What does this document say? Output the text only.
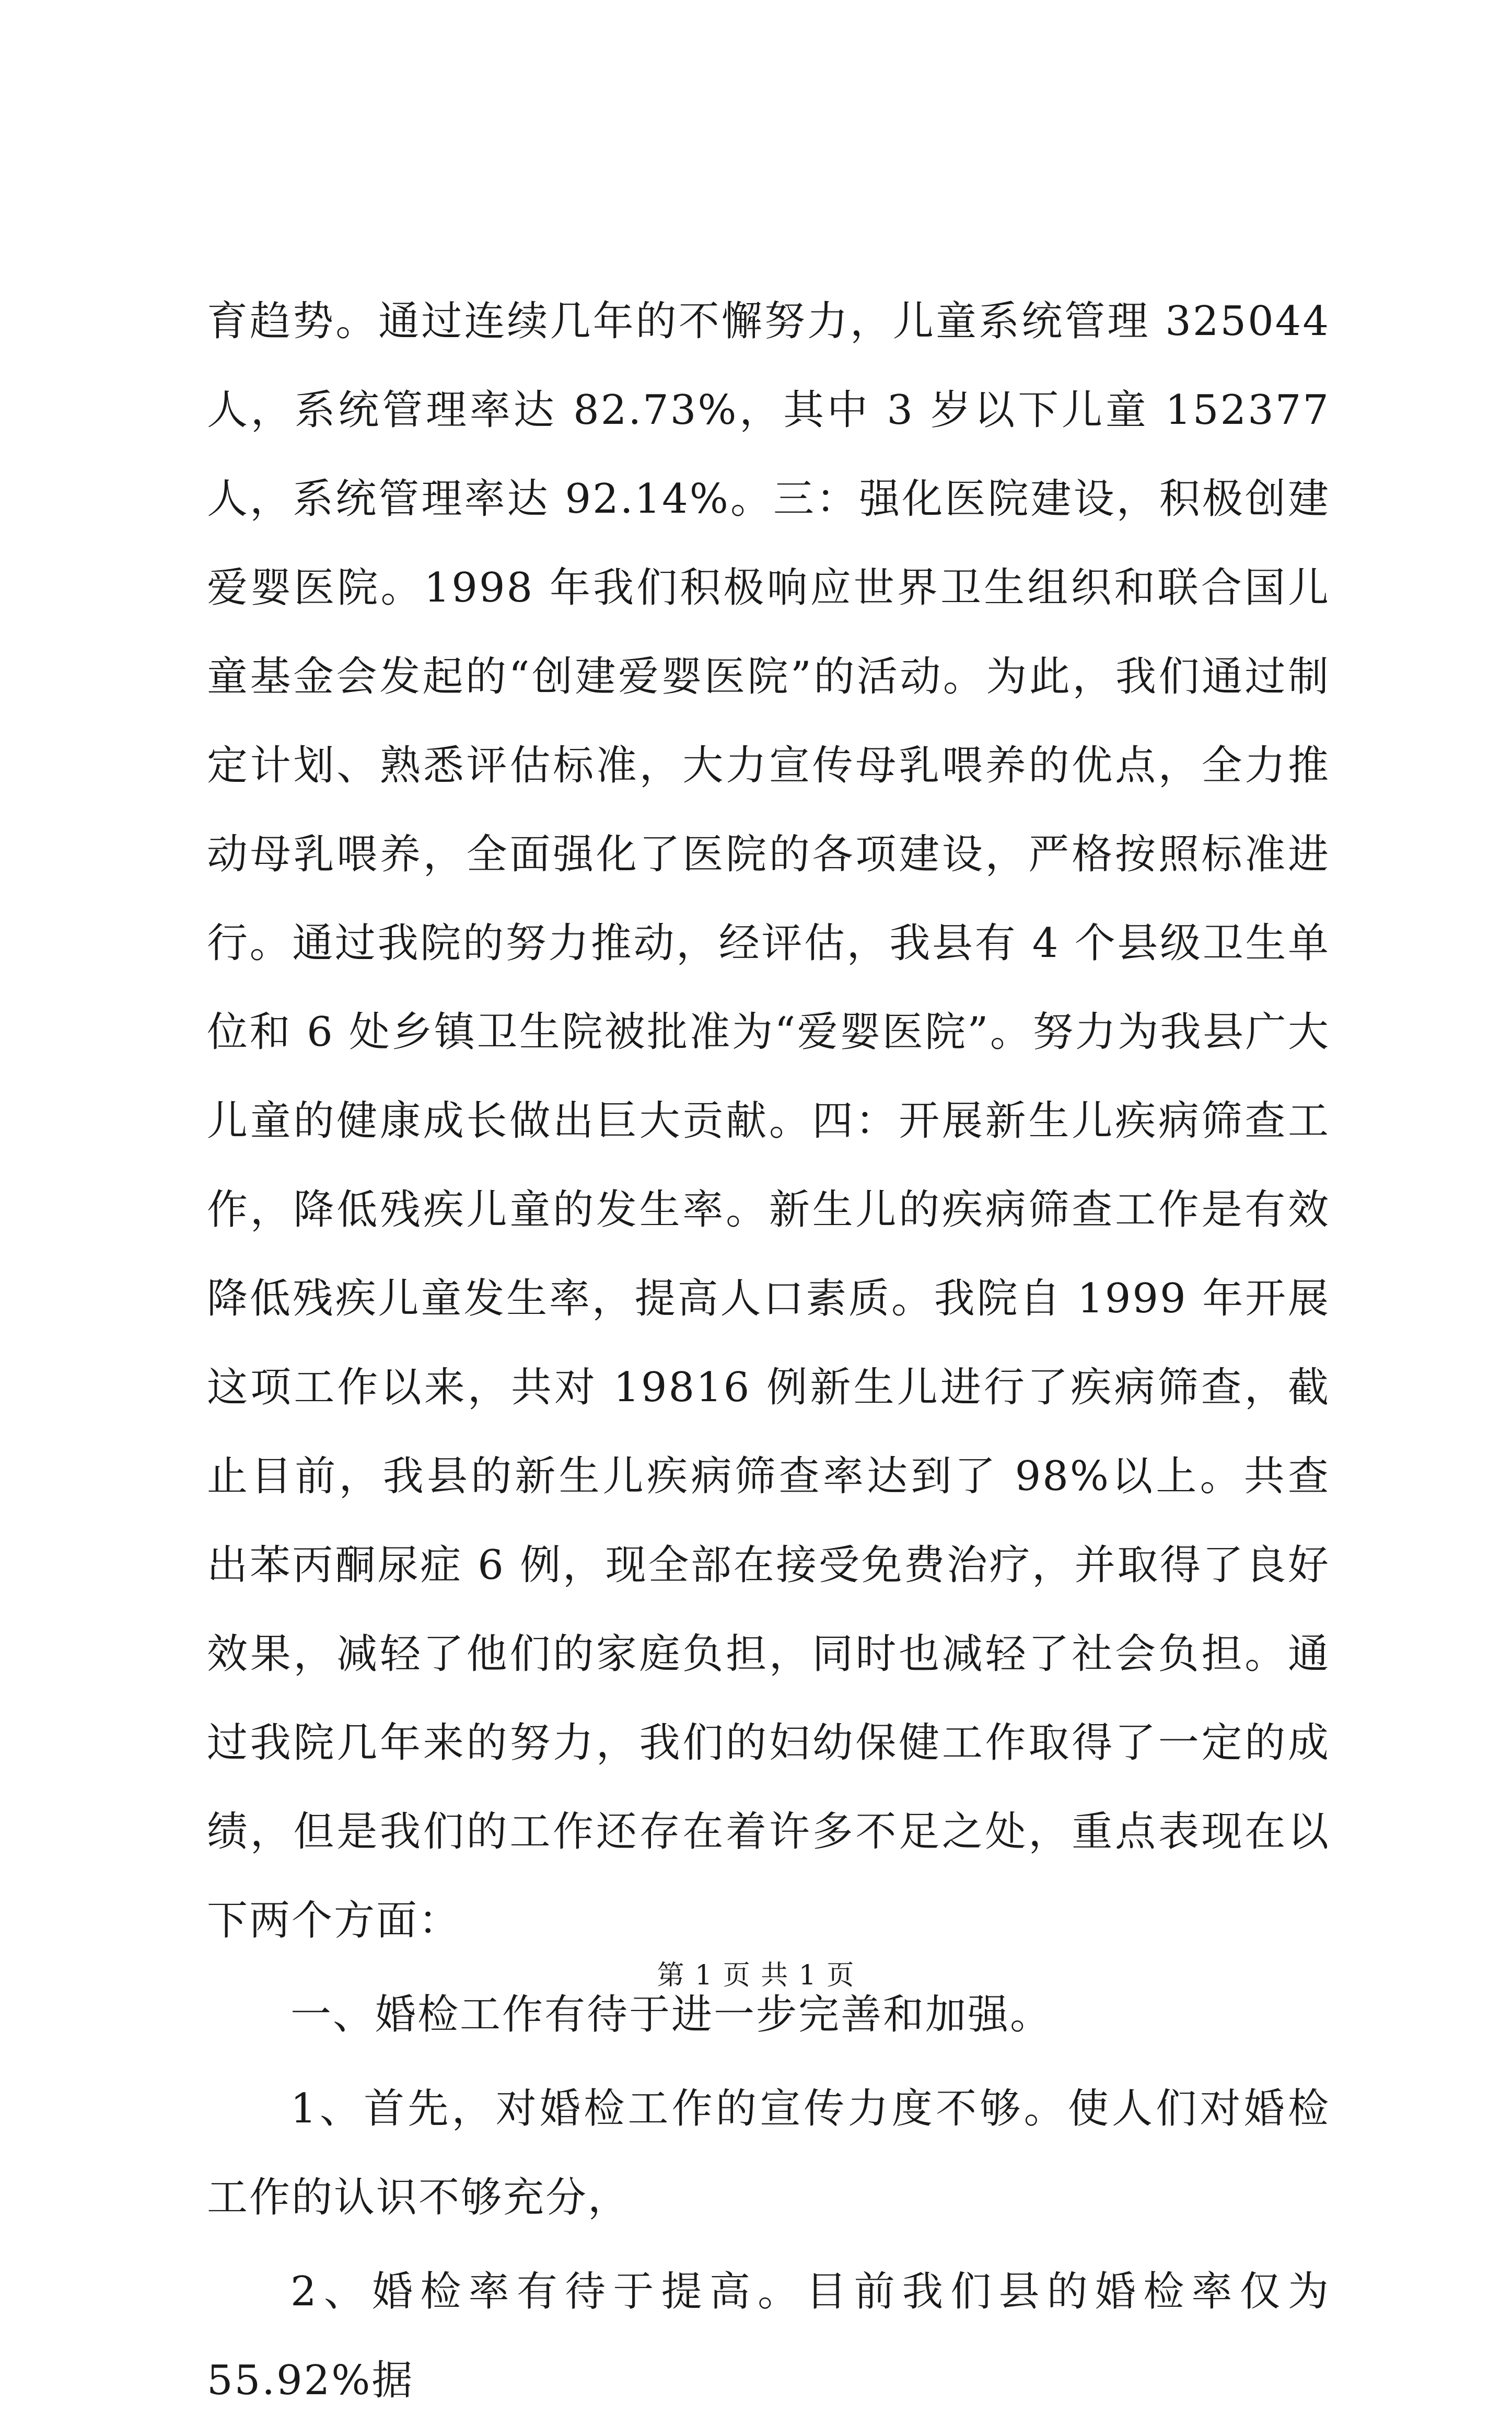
育趋势。通过连续几年的不懈努力，儿童系统管理 325044 人，系统管理率达 82.73%，其中 3 岁以下儿童 152377 人，系统管理率达 92.14%。三：强化医院建设，积极创建爱婴医院。1998 年我们积极响应世界卫生组织和联合国儿童基金会发起的“创建爱婴医院”的活动。为此，我们通过制定计划、熟悉评估标准，大力宣传母乳喂养的优点，全力推动母乳喂养，全面强化了医院的各项建设，严格按照标准进行。通过我院的努力推动，经评估，我县有 4 个县级卫生单位和 6 处乡镇卫生院被批准为“爱婴医院”。努力为我县广大儿童的健康成长做出巨大贡献。四：开展新生儿疾病筛查工作，降低残疾儿童的发生率。新生儿的疾病筛查工作是有效降低残疾儿童发生率，提高人口素质。我院自 1999 年开展这项工作以来，共对 19816 例新生儿进行了疾病筛查，截止目前，我县的新生儿疾病筛查率达到了 98%以上。共查出苯丙酮尿症 6 例，现全部在接受免费治疗，并取得了良好效果，减轻了他们的家庭负担，同时也减轻了社会负担。通过我院几年来的努力，我们的妇幼保健工作取得了一定的成绩，但是我们的工作还存在着许多不足之处，重点表现在以下两个方面：

一、婚检工作有待于进一步完善和加强。

1、首先，对婚检工作的宣传力度不够。使人们对婚检工作的认识不够充分，

2、婚检率有待于提高。目前我们县的婚检率仅为 55.92%据

第 1 页 共 1 页
